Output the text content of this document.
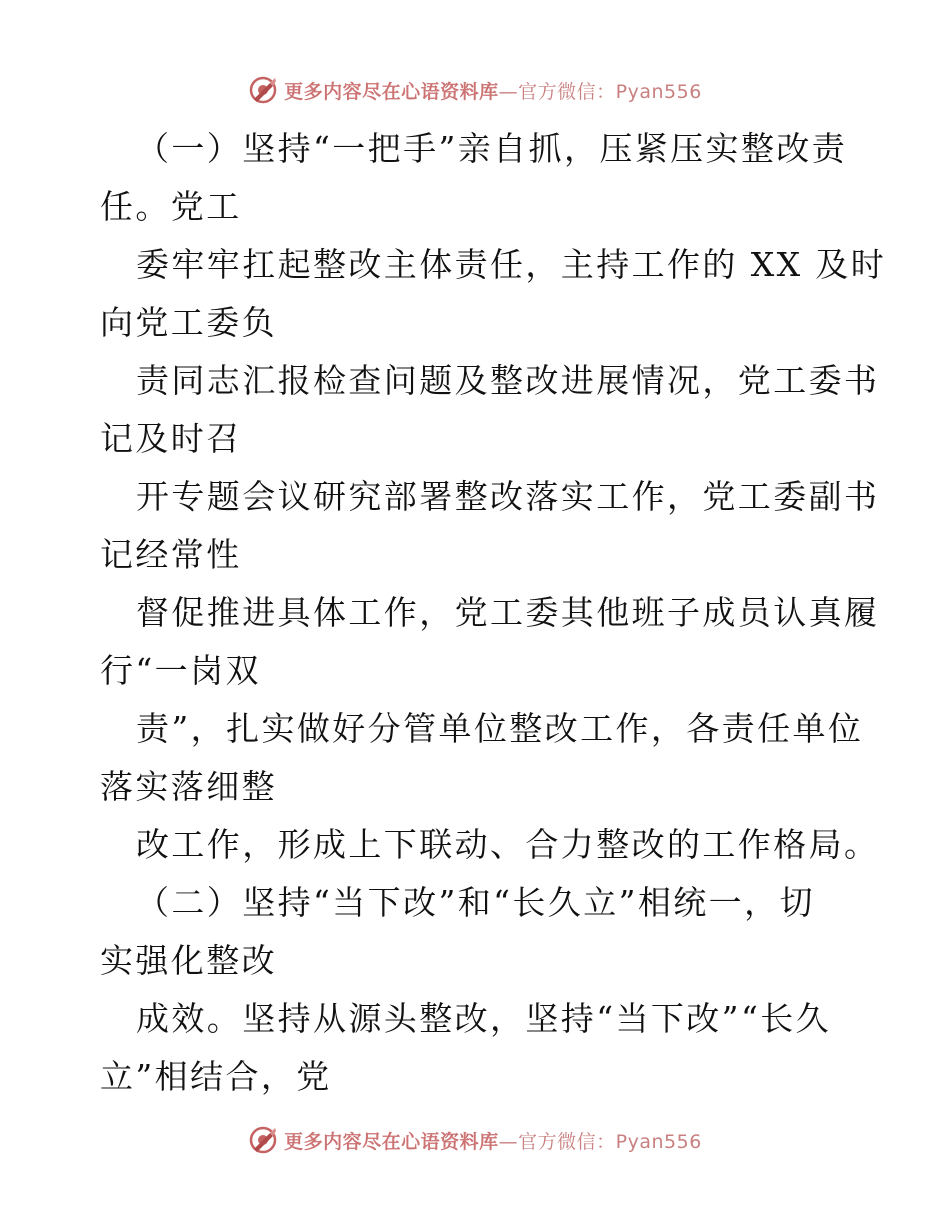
更多内容尽在心语资料库—官方微信：Pyan556
（一）坚持“一把手”亲自抓，压紧压实整改责
任。党工
委牢牢扛起整改主体责任，主持工作的 XX 及时
向党工委负
责同志汇报检查问题及整改进展情况，党工委书
记及时召
开专题会议研究部署整改落实工作，党工委副书
记经常性
督促推进具体工作，党工委其他班子成员认真履
行“一岗双
责”，扎实做好分管单位整改工作，各责任单位
落实落细整
改工作，形成上下联动、合力整改的工作格局。
（二）坚持“当下改”和“长久立”相统一，切
实强化整改
成效。坚持从源头整改，坚持“当下改”“长久
立”相结合，党
更多内容尽在心语资料库—官方微信：Pyan556
